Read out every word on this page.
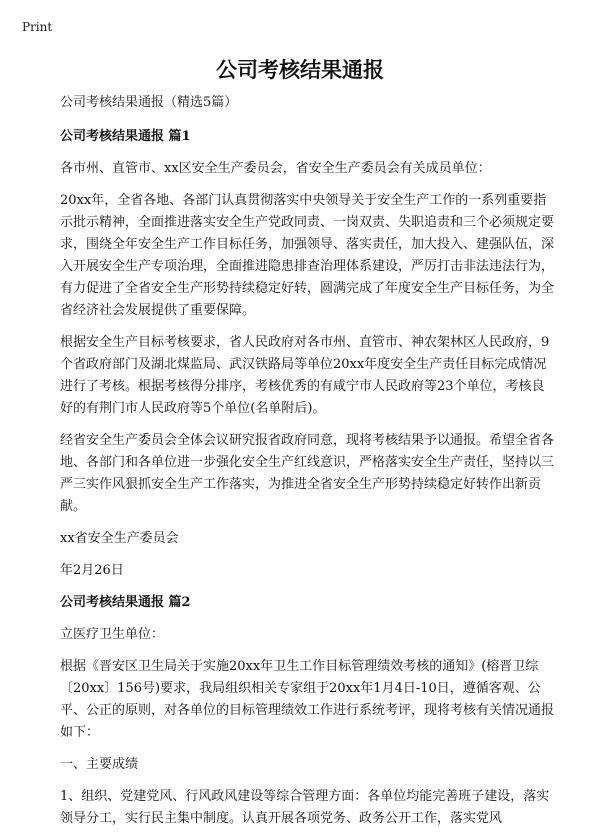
Print
公司考核结果通报

公司考核结果通报（精选5篇）

公司考核结果通报 篇1

各市州、直管市、xx区安全生产委员会，省安全生产委员会有关成员单位：

20xx年，全省各地、各部门认真贯彻落实中央领导关于安全生产工作的一系列重要指示批示精神，全面推进落实安全生产党政同责、一岗双责、失职追责和三个必须规定要求，围绕全年安全生产工作目标任务，加强领导、落实责任，加大投入、建强队伍，深入开展安全生产专项治理，全面推进隐患排查治理体系建设，严厉打击非法违法行为，有力促进了全省安全生产形势持续稳定好转，圆满完成了年度安全生产目标任务，为全省经济社会发展提供了重要保障。

根据安全生产目标考核要求，省人民政府对各市州、直管市、神农架林区人民政府，9个省政府部门及湖北煤监局、武汉铁路局等单位20xx年度安全生产责任目标完成情况进行了考核。根据考核得分排序，考核优秀的有咸宁市人民政府等23个单位，考核良好的有荆门市人民政府等5个单位(名单附后)。

经省安全生产委员会全体会议研究报省政府同意，现将考核结果予以通报。希望全省各地、各部门和各单位进一步强化安全生产红线意识，严格落实安全生产责任，坚持以三严三实作风狠抓安全生产工作落实，为推进全省安全生产形势持续稳定好转作出新贡献。

xx省安全生产委员会

年2月26日

公司考核结果通报 篇2

立医疗卫生单位：

根据《晋安区卫生局关于实施20xx年卫生工作目标管理绩效考核的通知》(榕晋卫综〔20xx〕156号)要求，我局组织相关专家组于20xx年1月4日-10日，遵循客观、公平、公正的原则，对各单位的目标管理绩效工作进行系统考评，现将考核有关情况通报如下：

一、主要成绩

1、组织、党建党风、行风政风建设等综合管理方面：各单位均能完善班子建设，落实领导分工，实行民主集中制度。认真开展各项党务、政务公开工作，落实党风
